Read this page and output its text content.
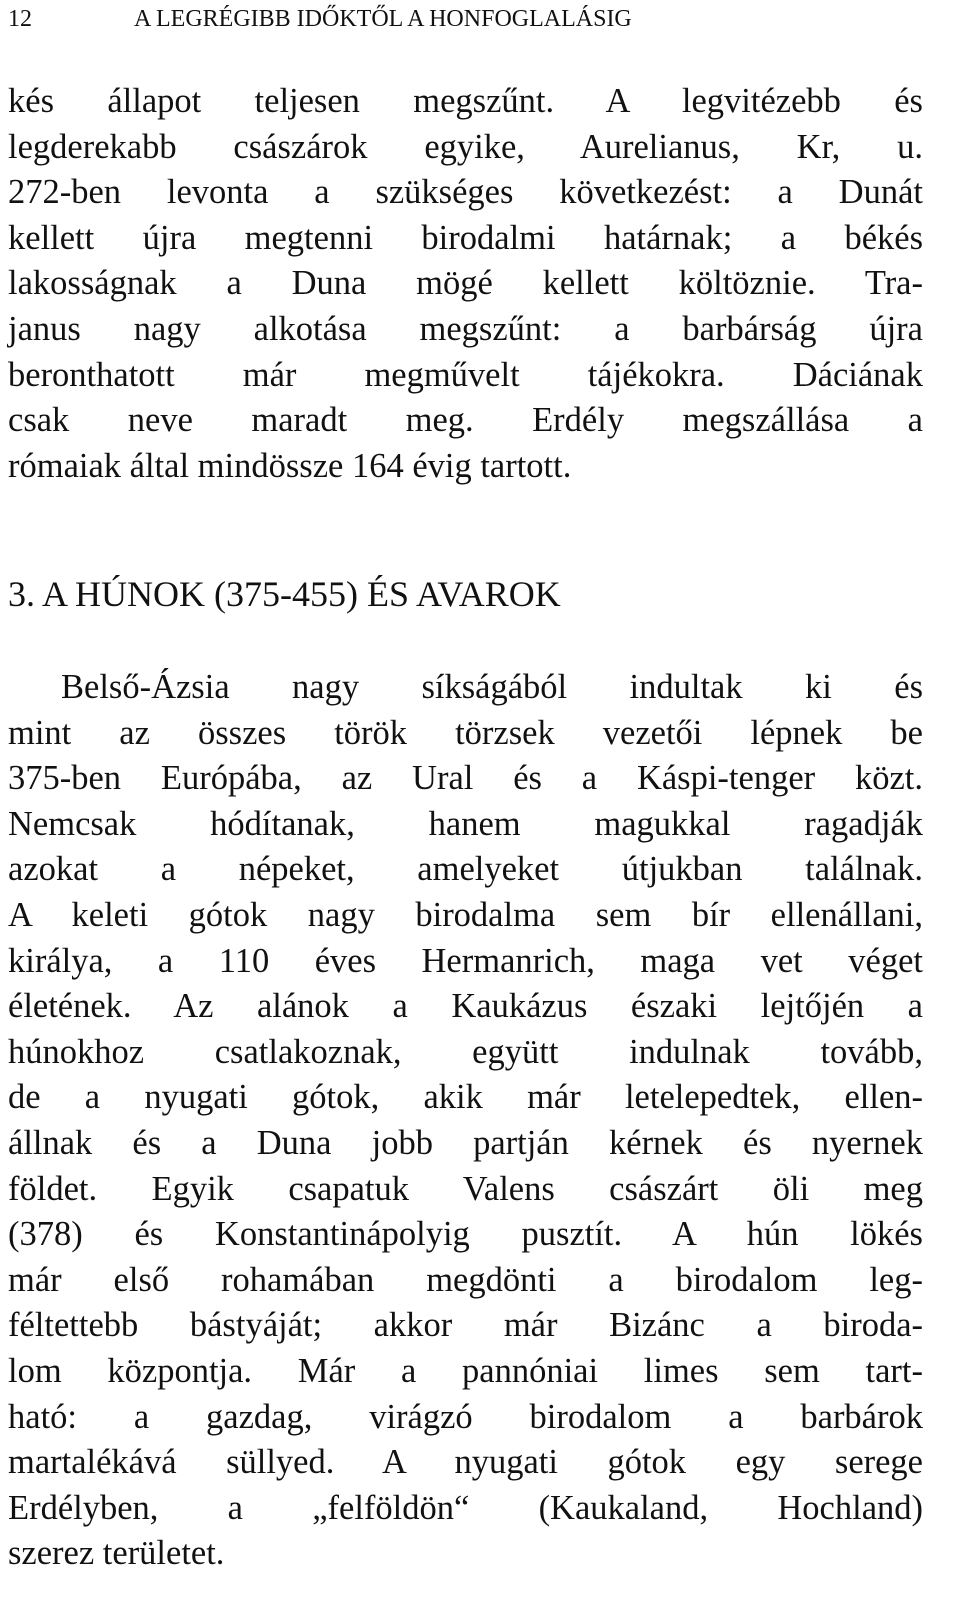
12	A LEGRÉGIBB IDŐKTŐL A HONFOGLALÁSIG
kés állapot teljesen megszűnt. A legvitézebb és
legderekabb császárok egyike, Aurelianus, Kr, u.
272-ben levonta a szükséges következést: a Dunát
kellett újra megtenni birodalmi határnak; a békés
lakosságnak a Duna mögé kellett költöznie. Tra-
janus nagy alkotása megszűnt: a barbárság újra
beronthatott már megművelt tájékokra. Dáciának
csak neve maradt meg. Erdély megszállása a
rómaiak által mindössze 164 évig tartott.
3. A HÚNOK (375-455) ÉS AVAROK
Belső-Ázsia nagy síkságából indultak ki és
mint az összes török törzsek vezetői lépnek be
375-ben Európába, az Ural és a Káspi-tenger közt.
Nemcsak hódítanak, hanem magukkal ragadják
azokat a népeket, amelyeket útjukban találnak.
A keleti gótok nagy birodalma sem bír ellenállani,
királya, a 110 éves Hermanrich, maga vet véget
életének. Az alánok a Kaukázus északi lejtőjén a
húnokhoz csatlakoznak, együtt indulnak tovább,
de a nyugati gótok, akik már letelepedtek, ellen-
állnak és a Duna jobb partján kérnek és nyernek
földet. Egyik csapatuk Valens császárt öli meg
(378) és Konstantinápolyig pusztít. A hún lökés
már első rohamában megdönti a birodalom leg-
féltettebb bástyáját; akkor már Bizánc a biroda-
lom központja. Már a pannóniai limes sem tart-
ható: a gazdag, virágzó birodalom a barbárok
martalékává süllyed. A nyugati gótok egy serege
Erdélyben, a „felföldön“ (Kaukaland, Hochland)
szerez területet.
